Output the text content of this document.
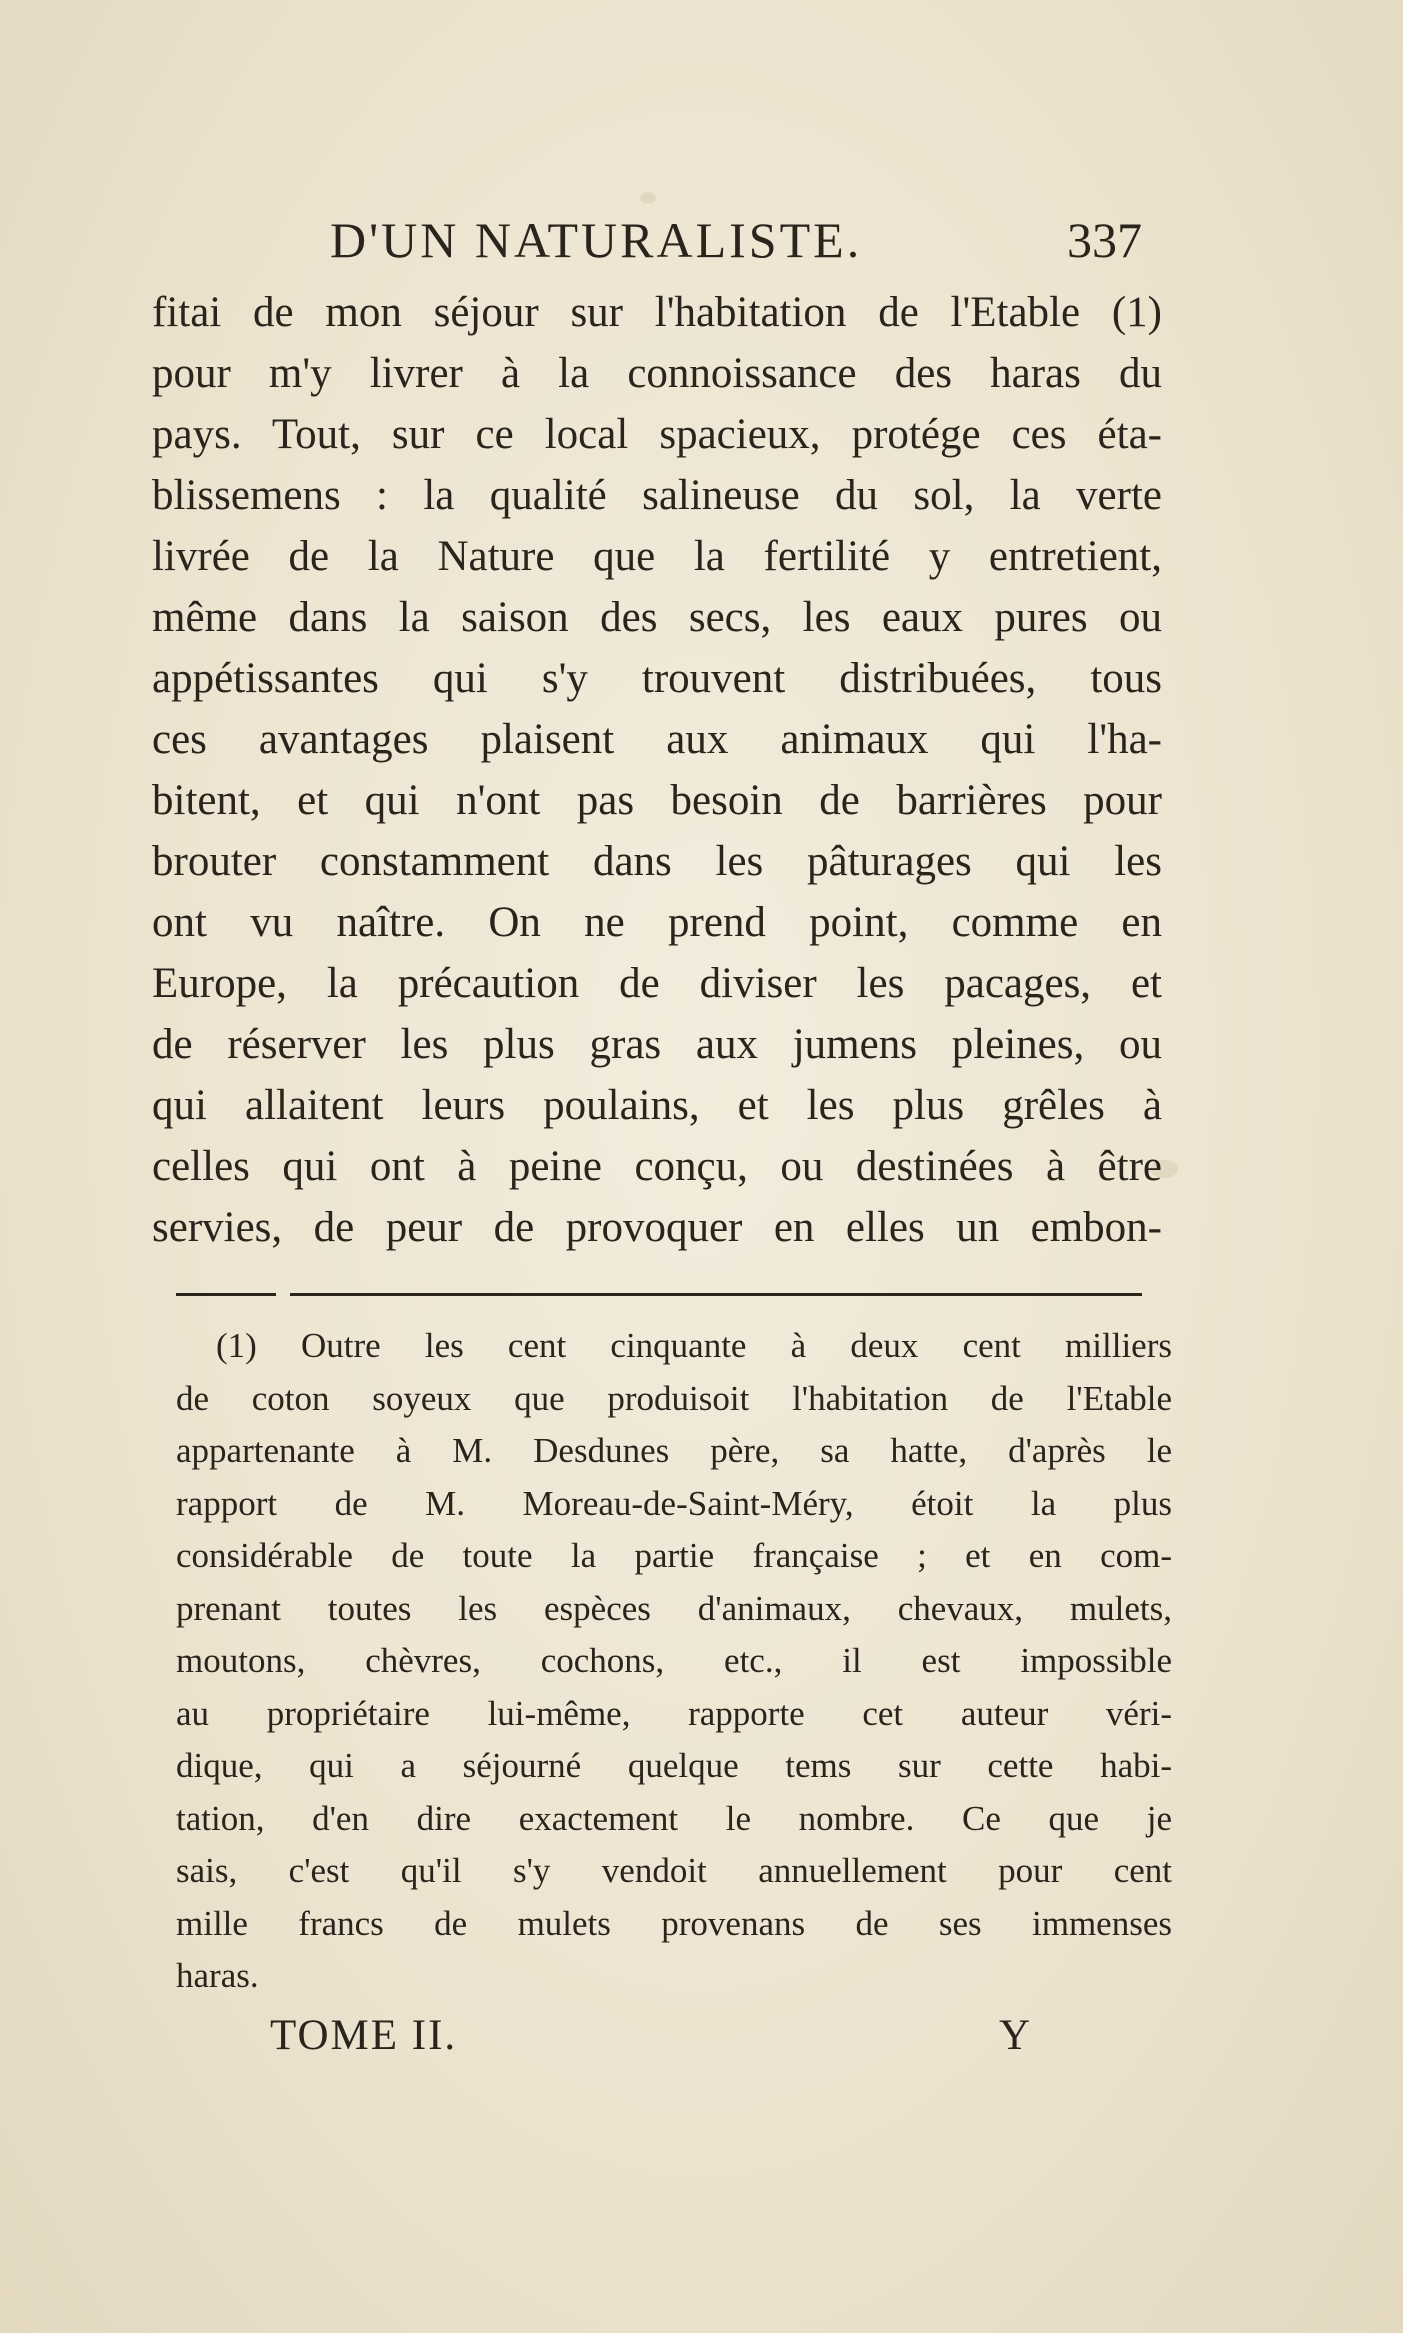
D'UN NATURALISTE.	337
fitai de mon séjour sur l'habitation de l'Etable (1)
pour m'y livrer à la connoissance des haras du
pays. Tout, sur ce local spacieux, protége ces éta-
blissemens : la qualité salineuse du sol, la verte
livrée de la Nature que la fertilité y entretient,
même dans la saison des secs, les eaux pures ou
appétissantes qui s'y trouvent distribuées, tous
ces avantages plaisent aux animaux qui l'ha-
bitent, et qui n'ont pas besoin de barrières pour
brouter constamment dans les pâturages qui les
ont vu naître. On ne prend point, comme en
Europe, la précaution de diviser les pacages, et
de réserver les plus gras aux jumens pleines, ou
qui allaitent leurs poulains, et les plus grêles à
celles qui ont à peine conçu, ou destinées à être
servies, de peur de provoquer en elles un embon-
(1) Outre les cent cinquante à deux cent milliers
de coton soyeux que produisoit l'habitation de l'Etable
appartenante à M. Desdunes père, sa hatte, d'après le
rapport de M. Moreau-de-Saint-Méry, étoit la plus
considérable de toute la partie française ; et en com-
prenant toutes les espèces d'animaux, chevaux, mulets,
moutons, chèvres, cochons, etc., il est impossible
au propriétaire lui-même, rapporte cet auteur véri-
dique, qui a séjourné quelque tems sur cette habi-
tation, d'en dire exactement le nombre. Ce que je
sais, c'est qu'il s'y vendoit annuellement pour cent
mille francs de mulets provenans de ses immenses
haras.
TOME II.	Y
